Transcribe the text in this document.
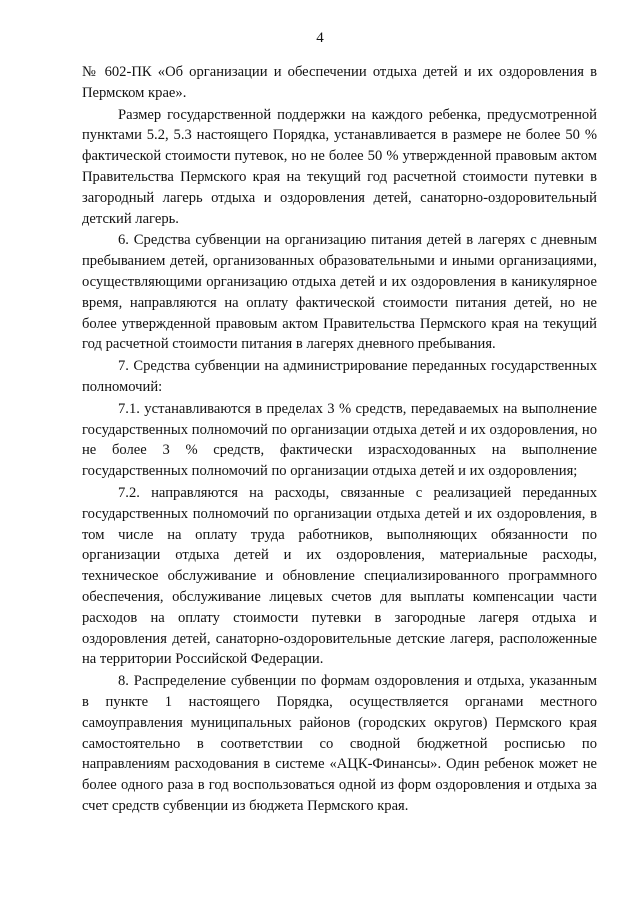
4

№ 602-ПК «Об организации и обеспечении отдыха детей и их оздоровления в Пермском крае».

Размер государственной поддержки на каждого ребенка, предусмотренной пунктами 5.2, 5.3 настоящего Порядка, устанавливается в размере не более 50 % фактической стоимости путевок, но не более 50 % утвержденной правовым актом Правительства Пермского края на текущий год расчетной стоимости путевки в загородный лагерь отдыха и оздоровления детей, санаторно-оздоровительный детский лагерь.

6. Средства субвенции на организацию питания детей в лагерях с дневным пребыванием детей, организованных образовательными и иными организациями, осуществляющими организацию отдыха детей и их оздоровления в каникулярное время, направляются на оплату фактической стоимости питания детей, но не более утвержденной правовым актом Правительства Пермского края на текущий год расчетной стоимости питания в лагерях дневного пребывания.

7. Средства субвенции на администрирование переданных государственных полномочий:

7.1. устанавливаются в пределах 3 % средств, передаваемых на выполнение государственных полномочий по организации отдыха детей и их оздоровления, но не более 3 % средств, фактически израсходованных на выполнение государственных полномочий по организации отдыха детей и их оздоровления;

7.2. направляются на расходы, связанные с реализацией переданных государственных полномочий по организации отдыха детей и их оздоровления, в том числе на оплату труда работников, выполняющих обязанности по организации отдыха детей и их оздоровления, материальные расходы, техническое обслуживание и обновление специализированного программного обеспечения, обслуживание лицевых счетов для выплаты компенсации части расходов на оплату стоимости путевки в загородные лагеря отдыха и оздоровления детей, санаторно-оздоровительные детские лагеря, расположенные на территории Российской Федерации.

8. Распределение субвенции по формам оздоровления и отдыха, указанным в пункте 1 настоящего Порядка, осуществляется органами местного самоуправления муниципальных районов (городских округов) Пермского края самостоятельно в соответствии со сводной бюджетной росписью по направлениям расходования в системе «АЦК-Финансы». Один ребенок может не более одного раза в год воспользоваться одной из форм оздоровления и отдыха за счет средств субвенции из бюджета Пермского края.
